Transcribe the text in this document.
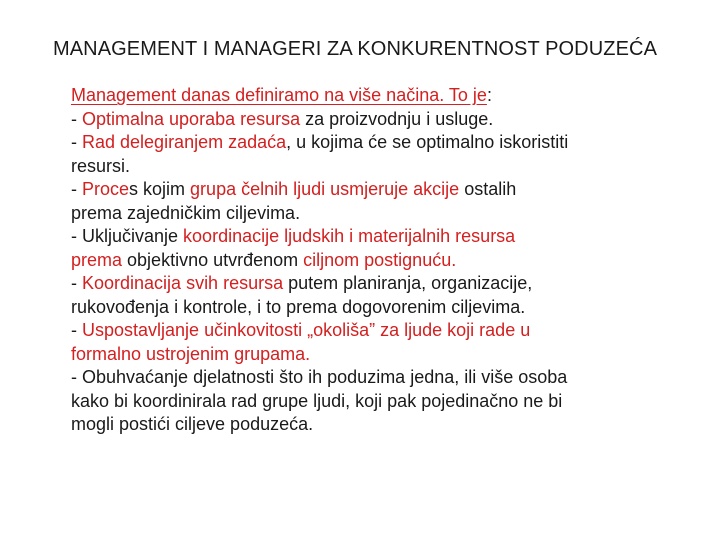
MANAGEMENT I MANAGERI ZA KONKURENTNOST PODUZEĆA
Management danas definiramo na više načina. To je:
- Optimalna uporaba resursa za proizvodnju i usluge.
- Rad delegiranjem zadaća, u kojima će se optimalno iskoristiti
resursi.
- Proces kojim grupa čelnih ljudi usmjeruje akcije ostalih
prema zajedničkim ciljevima.
- Uključivanje koordinacije ljudskih i materijalnih resursa
prema objektivno utvrđenom ciljnom postignuću.
- Koordinacija svih resursa putem planiranja, organizacije,
rukovođenja i kontrole, i to prema dogovorenim ciljevima.
- Uspostavljanje učinkovitosti „okoliša” za ljude koji rade u
formalno ustrojenim grupama.
- Obuhvaćanje djelatnosti što ih poduzima jedna, ili više osoba
kako bi koordinirala rad grupe ljudi, koji pak pojedinačno ne bi
mogli postići ciljeve poduzeća.
